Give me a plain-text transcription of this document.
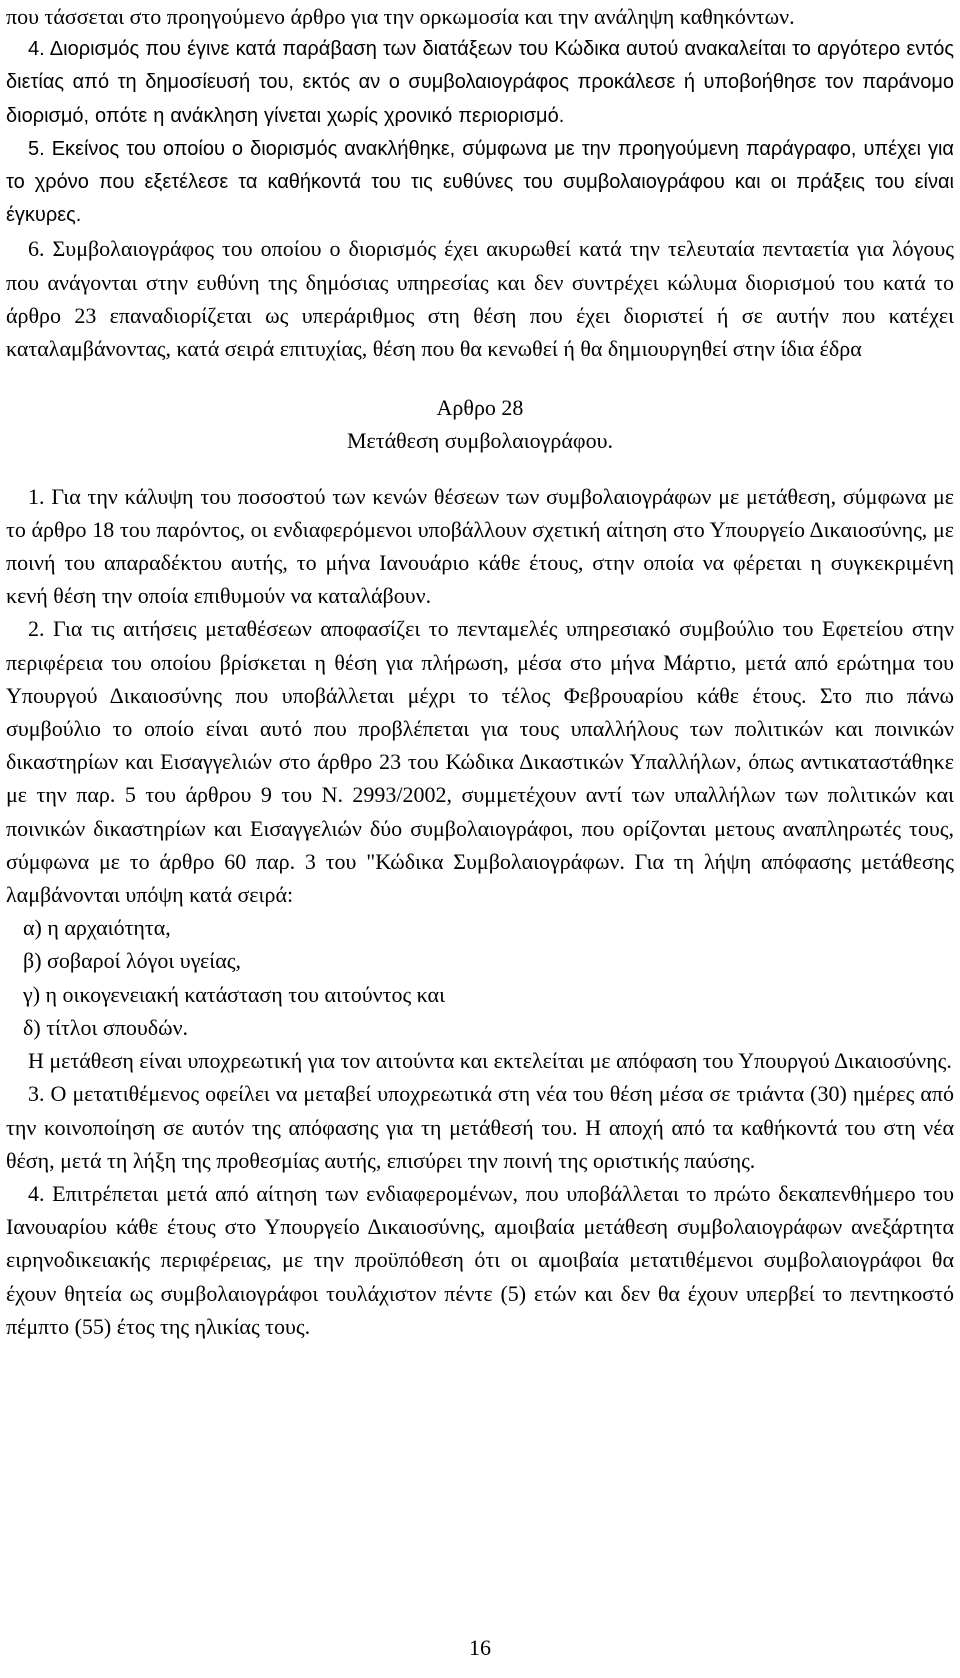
που τάσσεται στο προηγούμενο άρθρο για την ορκωμοσία και την ανάληψη καθηκόντων.

4. Διορισμός που έγινε κατά παράβαση των διατάξεων του Κώδικα αυτού ανακαλείται το αργότερο εντός διετίας από τη δημοσίευσή του, εκτός αν ο συμβολαιογράφος προκάλεσε ή υποβοήθησε τον παράνομο διορισμό, οπότε η ανάκληση γίνεται χωρίς χρονικό περιορισμό.

5. Εκείνος του οποίου ο διορισμός ανακλήθηκε, σύμφωνα με την προηγούμενη παράγραφο, υπέχει για το χρόνο που εξετέλεσε τα καθήκοντά του τις ευθύνες του συμβολαιογράφου και οι πράξεις του είναι έγκυρες.

6. Συμβολαιογράφος του οποίου ο διορισμός έχει ακυρωθεί κατά την τελευταία πενταετία για λόγους που ανάγονται στην ευθύνη της δημόσιας υπηρεσίας και δεν συντρέχει κώλυμα διορισμού του κατά το άρθρο 23 επαναδιορίζεται ως υπεράριθμος στη θέση που έχει διοριστεί ή σε αυτήν που κατέχει καταλαμβάνοντας, κατά σειρά επιτυχίας, θέση που θα κενωθεί ή θα δημιουργηθεί στην ίδια έδρα

Αρθρο 28
Μετάθεση συμβολαιογράφου.

1. Για την κάλυψη του ποσοστού των κενών θέσεων των συμβολαιογράφων με μετάθεση, σύμφωνα με το άρθρο 18 του παρόντος, οι ενδιαφερόμενοι υποβάλλουν σχετική αίτηση στο Υπουργείο Δικαιοσύνης, με ποινή του απαραδέκτου αυτής, το μήνα Ιανουάριο κάθε έτους, στην οποία να φέρεται η συγκεκριμένη κενή θέση την οποία επιθυμούν να καταλάβουν.

2. Για τις αιτήσεις μεταθέσεων αποφασίζει το πενταμελές υπηρεσιακό συμβούλιο του Εφετείου στην περιφέρεια του οποίου βρίσκεται η θέση για πλήρωση, μέσα στο μήνα Μάρτιο, μετά από ερώτημα του Υπουργού Δικαιοσύνης που υποβάλλεται μέχρι το τέλος Φεβρουαρίου κάθε έτους. Στο πιο πάνω συμβούλιο το οποίο είναι αυτό που προβλέπεται για τους υπαλλήλους των πολιτικών και ποινικών δικαστηρίων και Εισαγγελιών στο άρθρο 23 του Κώδικα Δικαστικών Υπαλλήλων, όπως αντικαταστάθηκε με την παρ. 5 του άρθρου 9 του Ν. 2993/2002, συμμετέχουν αντί των υπαλλήλων των πολιτικών και ποινικών δικαστηρίων και Εισαγγελιών δύο συμβολαιογράφοι, που ορίζονται μετους αναπληρωτές τους, σύμφωνα με το άρθρο 60 παρ. 3 του "Κώδικα Συμβολαιογράφων. Για τη λήψη απόφασης μετάθεσης λαμβάνονται υπόψη κατά σειρά:

α) η αρχαιότητα,

β) σοβαροί λόγοι υγείας,

γ) η οικογενειακή κατάσταση του αιτούντος και

δ) τίτλοι σπουδών.

Η μετάθεση είναι υποχρεωτική για τον αιτούντα και εκτελείται με απόφαση του Υπουργού Δικαιοσύνης.

3. Ο μετατιθέμενος οφείλει να μεταβεί υποχρεωτικά στη νέα του θέση μέσα σε τριάντα (30) ημέρες από την κοινοποίηση σε αυτόν της απόφασης για τη μετάθεσή του. Η αποχή από τα καθήκοντά του στη νέα θέση, μετά τη λήξη της προθεσμίας αυτής, επισύρει την ποινή της οριστικής παύσης.

4. Επιτρέπεται μετά από αίτηση των ενδιαφερομένων, που υποβάλλεται το πρώτο δεκαπενθήμερο του Ιανουαρίου κάθε έτους στο Υπουργείο Δικαιοσύνης, αμοιβαία μετάθεση συμβολαιογράφων ανεξάρτητα ειρηνοδικειακής περιφέρειας, με την προϋπόθεση ότι οι αμοιβαία μετατιθέμενοι συμβολαιογράφοι θα έχουν θητεία ως συμβολαιογράφοι τουλάχιστον πέντε (5) ετών και δεν θα έχουν υπερβεί το πεντηκοστό πέμπτο (55) έτος της ηλικίας τους.

16
